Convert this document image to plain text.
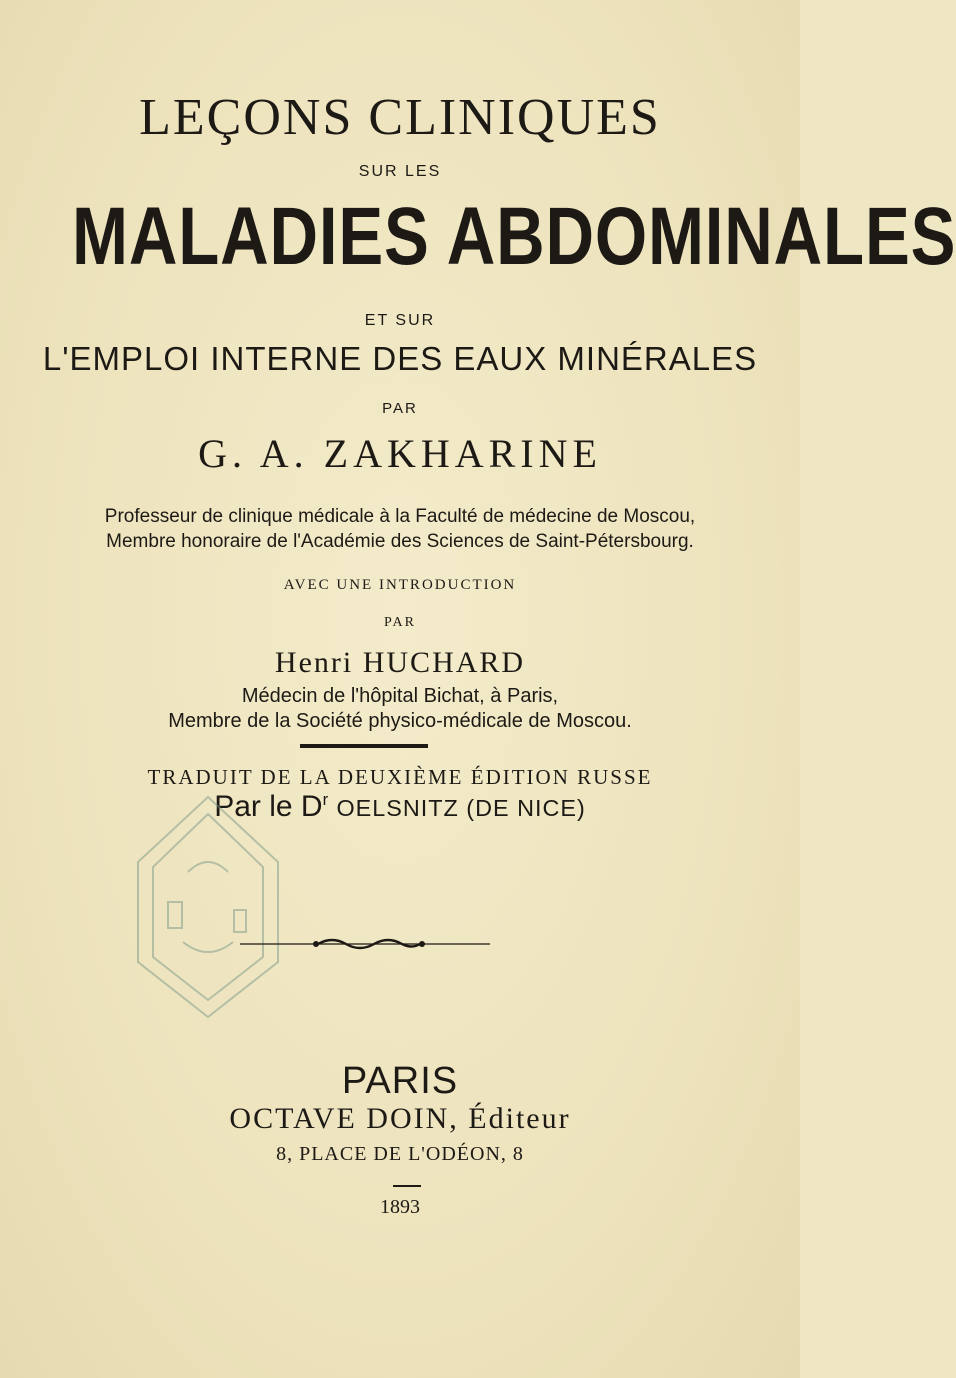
LEÇONS CLINIQUES
SUR LES
MALADIES ABDOMINALES
ET SUR
L'EMPLOI INTERNE DES EAUX MINÉRALES
PAR
G. A. ZAKHARINE
Professeur de clinique médicale à la Faculté de médecine de Moscou,
Membre honoraire de l'Académie des Sciences de Saint-Pétersbourg.
AVEC UNE INTRODUCTION
PAR
Henri HUCHARD
Médecin de l'hôpital Bichat, à Paris,
Membre de la Société physico-médicale de Moscou.
TRADUIT DE LA DEUXIÈME ÉDITION RUSSE
Par le $D^r$ OELSNITZ (DE NICE)
PARIS
OCTAVE DOIN, Éditeur
8, PLACE DE L'ODÉON, 8
1893
